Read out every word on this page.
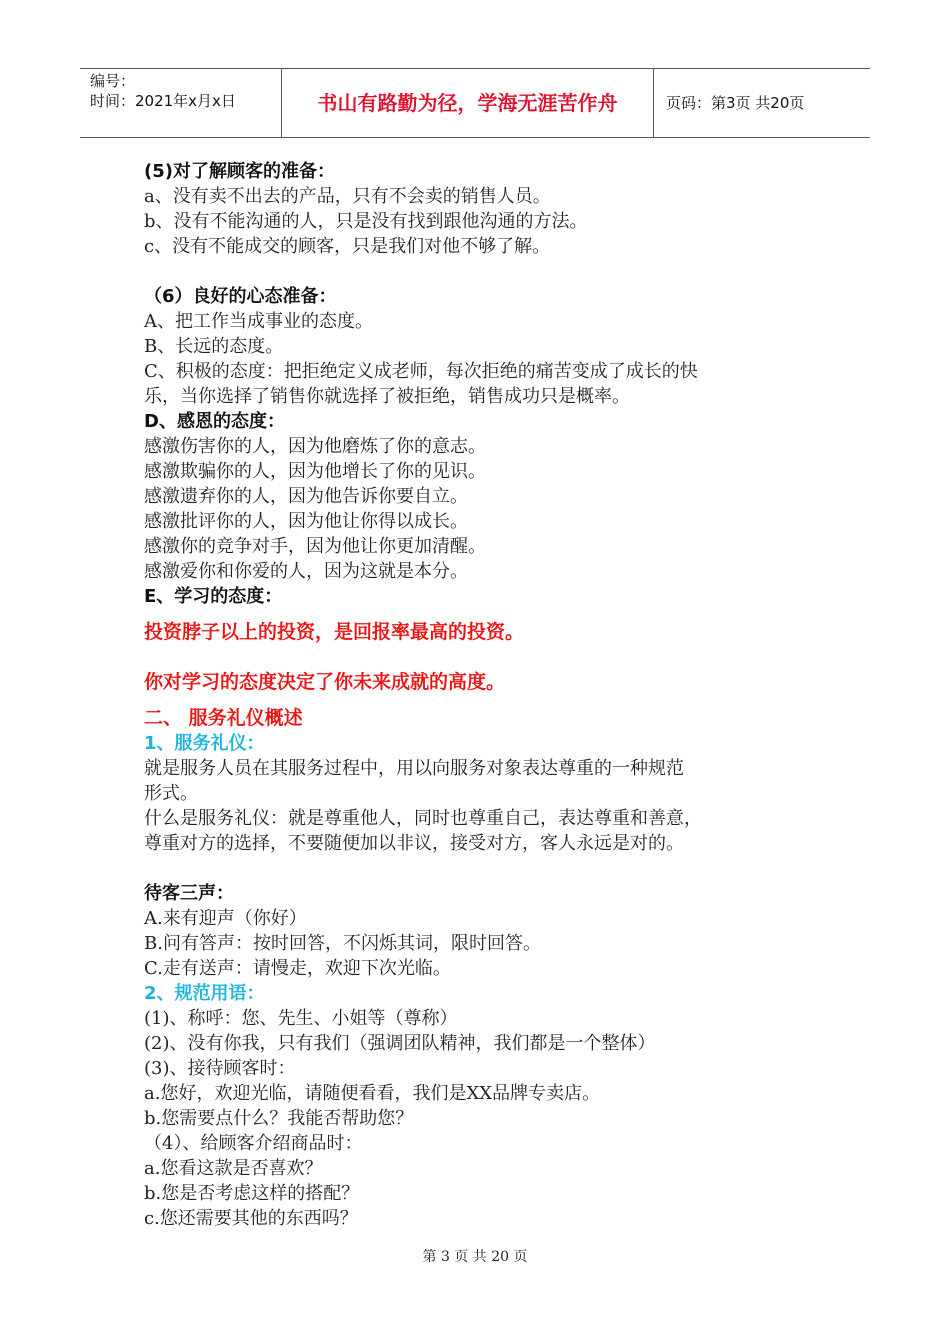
编号：
时间：2021年x月x日	书山有路勤为径，学海无涯苦作舟	页码：第3页 共20页
(5)对了解顾客的准备：
a、没有卖不出去的产品，只有不会卖的销售人员。
b、没有不能沟通的人，只是没有找到跟他沟通的方法。
c、没有不能成交的顾客，只是我们对他不够了解。
（6）良好的心态准备：
A、把工作当成事业的态度。
B、长远的态度。
C、积极的态度：把拒绝定义成老师，每次拒绝的痛苦变成了成长的快
乐，当你选择了销售你就选择了被拒绝，销售成功只是概率。
D、感恩的态度：
感激伤害你的人，因为他磨炼了你的意志。
感激欺骗你的人，因为他增长了你的见识。
感激遗弃你的人，因为他告诉你要自立。
感激批评你的人，因为他让你得以成长。
感激你的竞争对手，因为他让你更加清醒。
感激爱你和你爱的人，因为这就是本分。
E、学习的态度：
投资脖子以上的投资，是回报率最高的投资。
你对学习的态度决定了你未来成就的高度。
二、 服务礼仪概述
1、服务礼仪：
就是服务人员在其服务过程中，用以向服务对象表达尊重的一种规范
形式。
什么是服务礼仪：就是尊重他人，同时也尊重自己，表达尊重和善意，
尊重对方的选择，不要随便加以非议，接受对方，客人永远是对的。
待客三声：
A.来有迎声（你好）
B.问有答声：按时回答，不闪烁其词，限时回答。
C.走有送声：请慢走，欢迎下次光临。
2、规范用语：
(1)、称呼：您、先生、小姐等（尊称）
(2)、没有你我，只有我们（强调团队精神，我们都是一个整体）
(3)、接待顾客时：
a.您好，欢迎光临，请随便看看，我们是XX品牌专卖店。
b.您需要点什么？我能否帮助您？
（4）、给顾客介绍商品时：
a.您看这款是否喜欢？
b.您是否考虑这样的搭配？
c.您还需要其他的东西吗？
第 3 页 共 20 页
